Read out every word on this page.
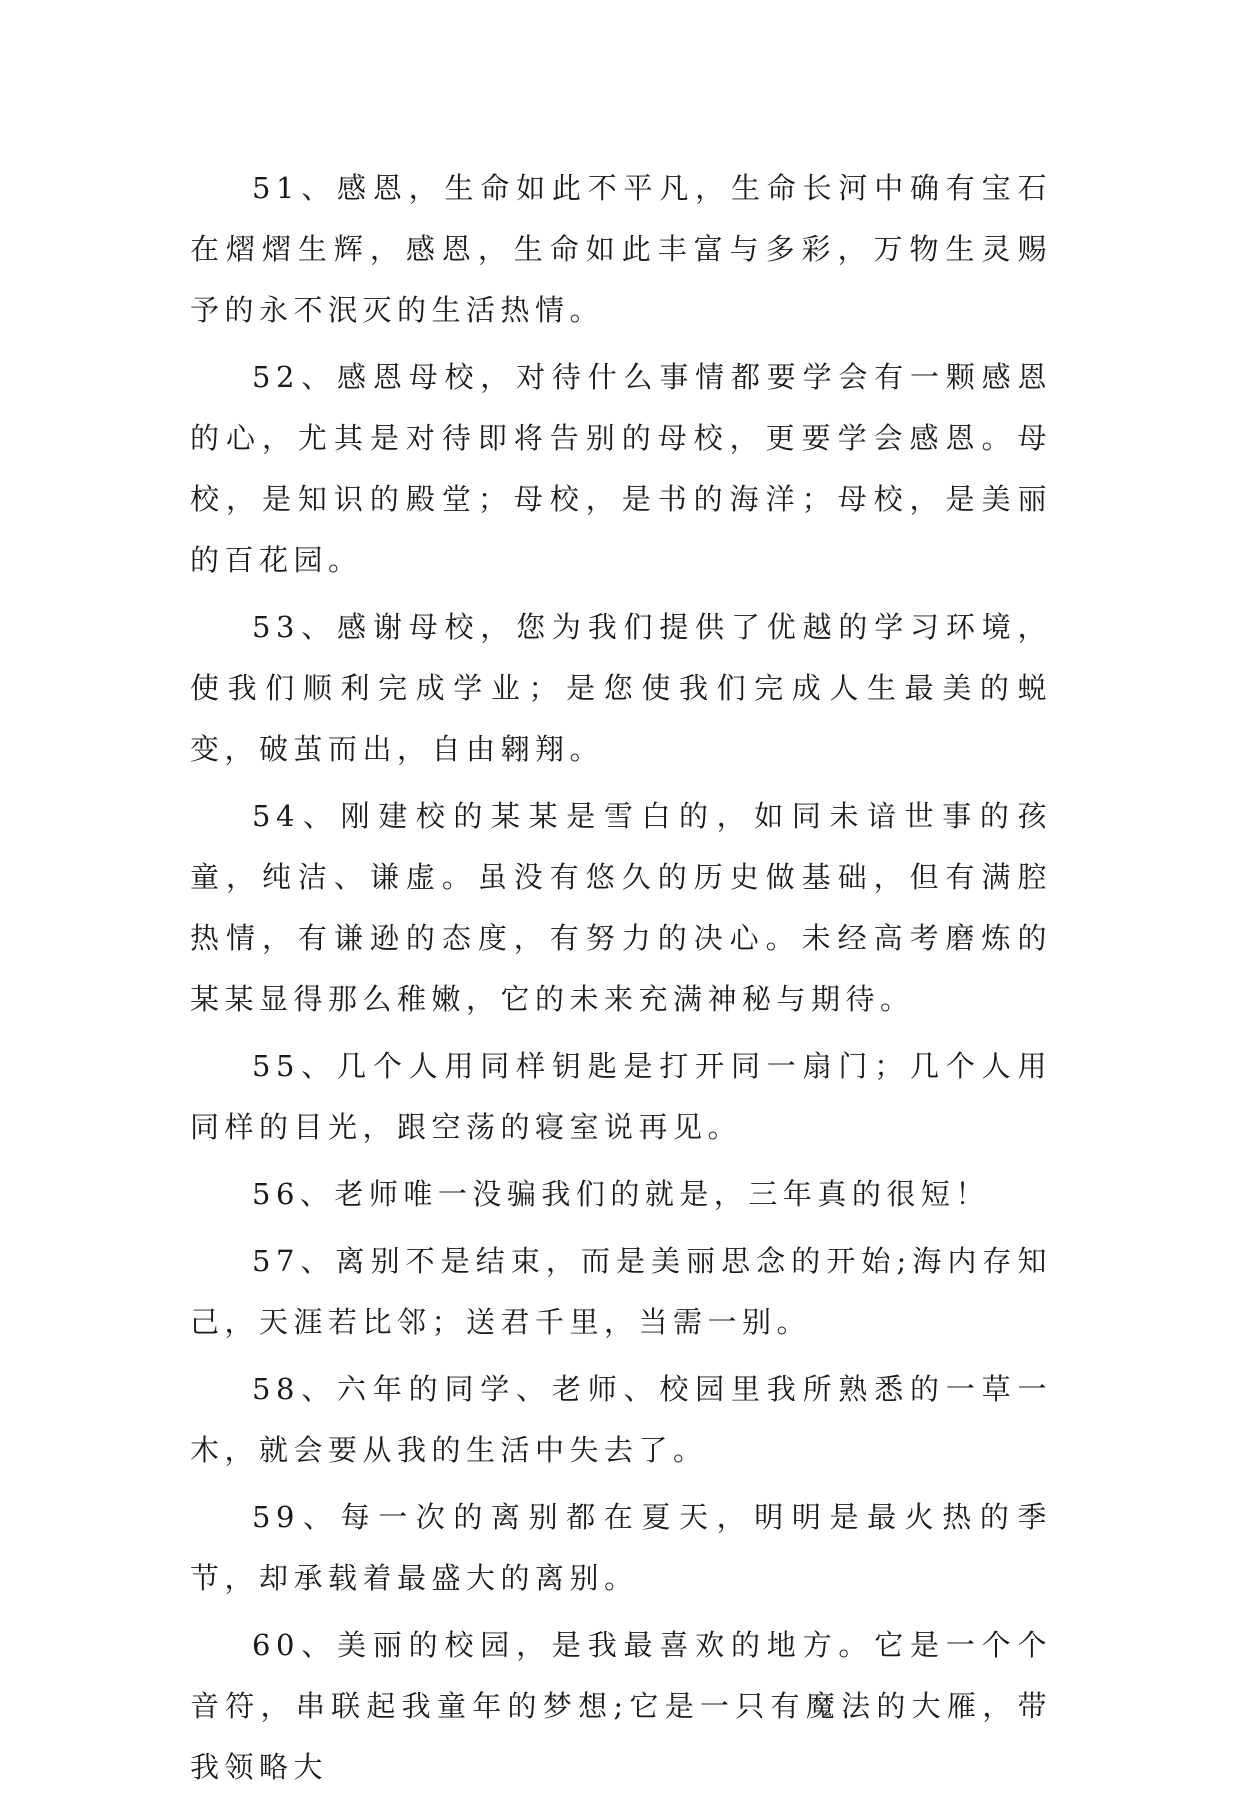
51、感恩，生命如此不平凡，生命长河中确有宝石在熠熠生辉，感恩，生命如此丰富与多彩，万物生灵赐予的永不泯灭的生活热情。

52、感恩母校，对待什么事情都要学会有一颗感恩的心，尤其是对待即将告别的母校，更要学会感恩。母校，是知识的殿堂；母校，是书的海洋；母校，是美丽的百花园。

53、感谢母校，您为我们提供了优越的学习环境，使我们顺利完成学业；是您使我们完成人生最美的蜕变，破茧而出，自由翱翔。

54、刚建校的某某是雪白的，如同未谙世事的孩童，纯洁、谦虚。虽没有悠久的历史做基础，但有满腔热情，有谦逊的态度，有努力的决心。未经高考磨炼的某某显得那么稚嫩，它的未来充满神秘与期待。

55、几个人用同样钥匙是打开同一扇门；几个人用同样的目光，跟空荡的寝室说再见。

56、老师唯一没骗我们的就是，三年真的很短！

57、离别不是结束，而是美丽思念的开始;海内存知己，天涯若比邻；送君千里，当需一别。

58、六年的同学、老师、校园里我所熟悉的一草一木，就会要从我的生活中失去了。

59、每一次的离别都在夏天，明明是最火热的季节，却承载着最盛大的离别。

60、美丽的校园，是我最喜欢的地方。它是一个个音符，串联起我童年的梦想;它是一只有魔法的大雁，带我领略大
